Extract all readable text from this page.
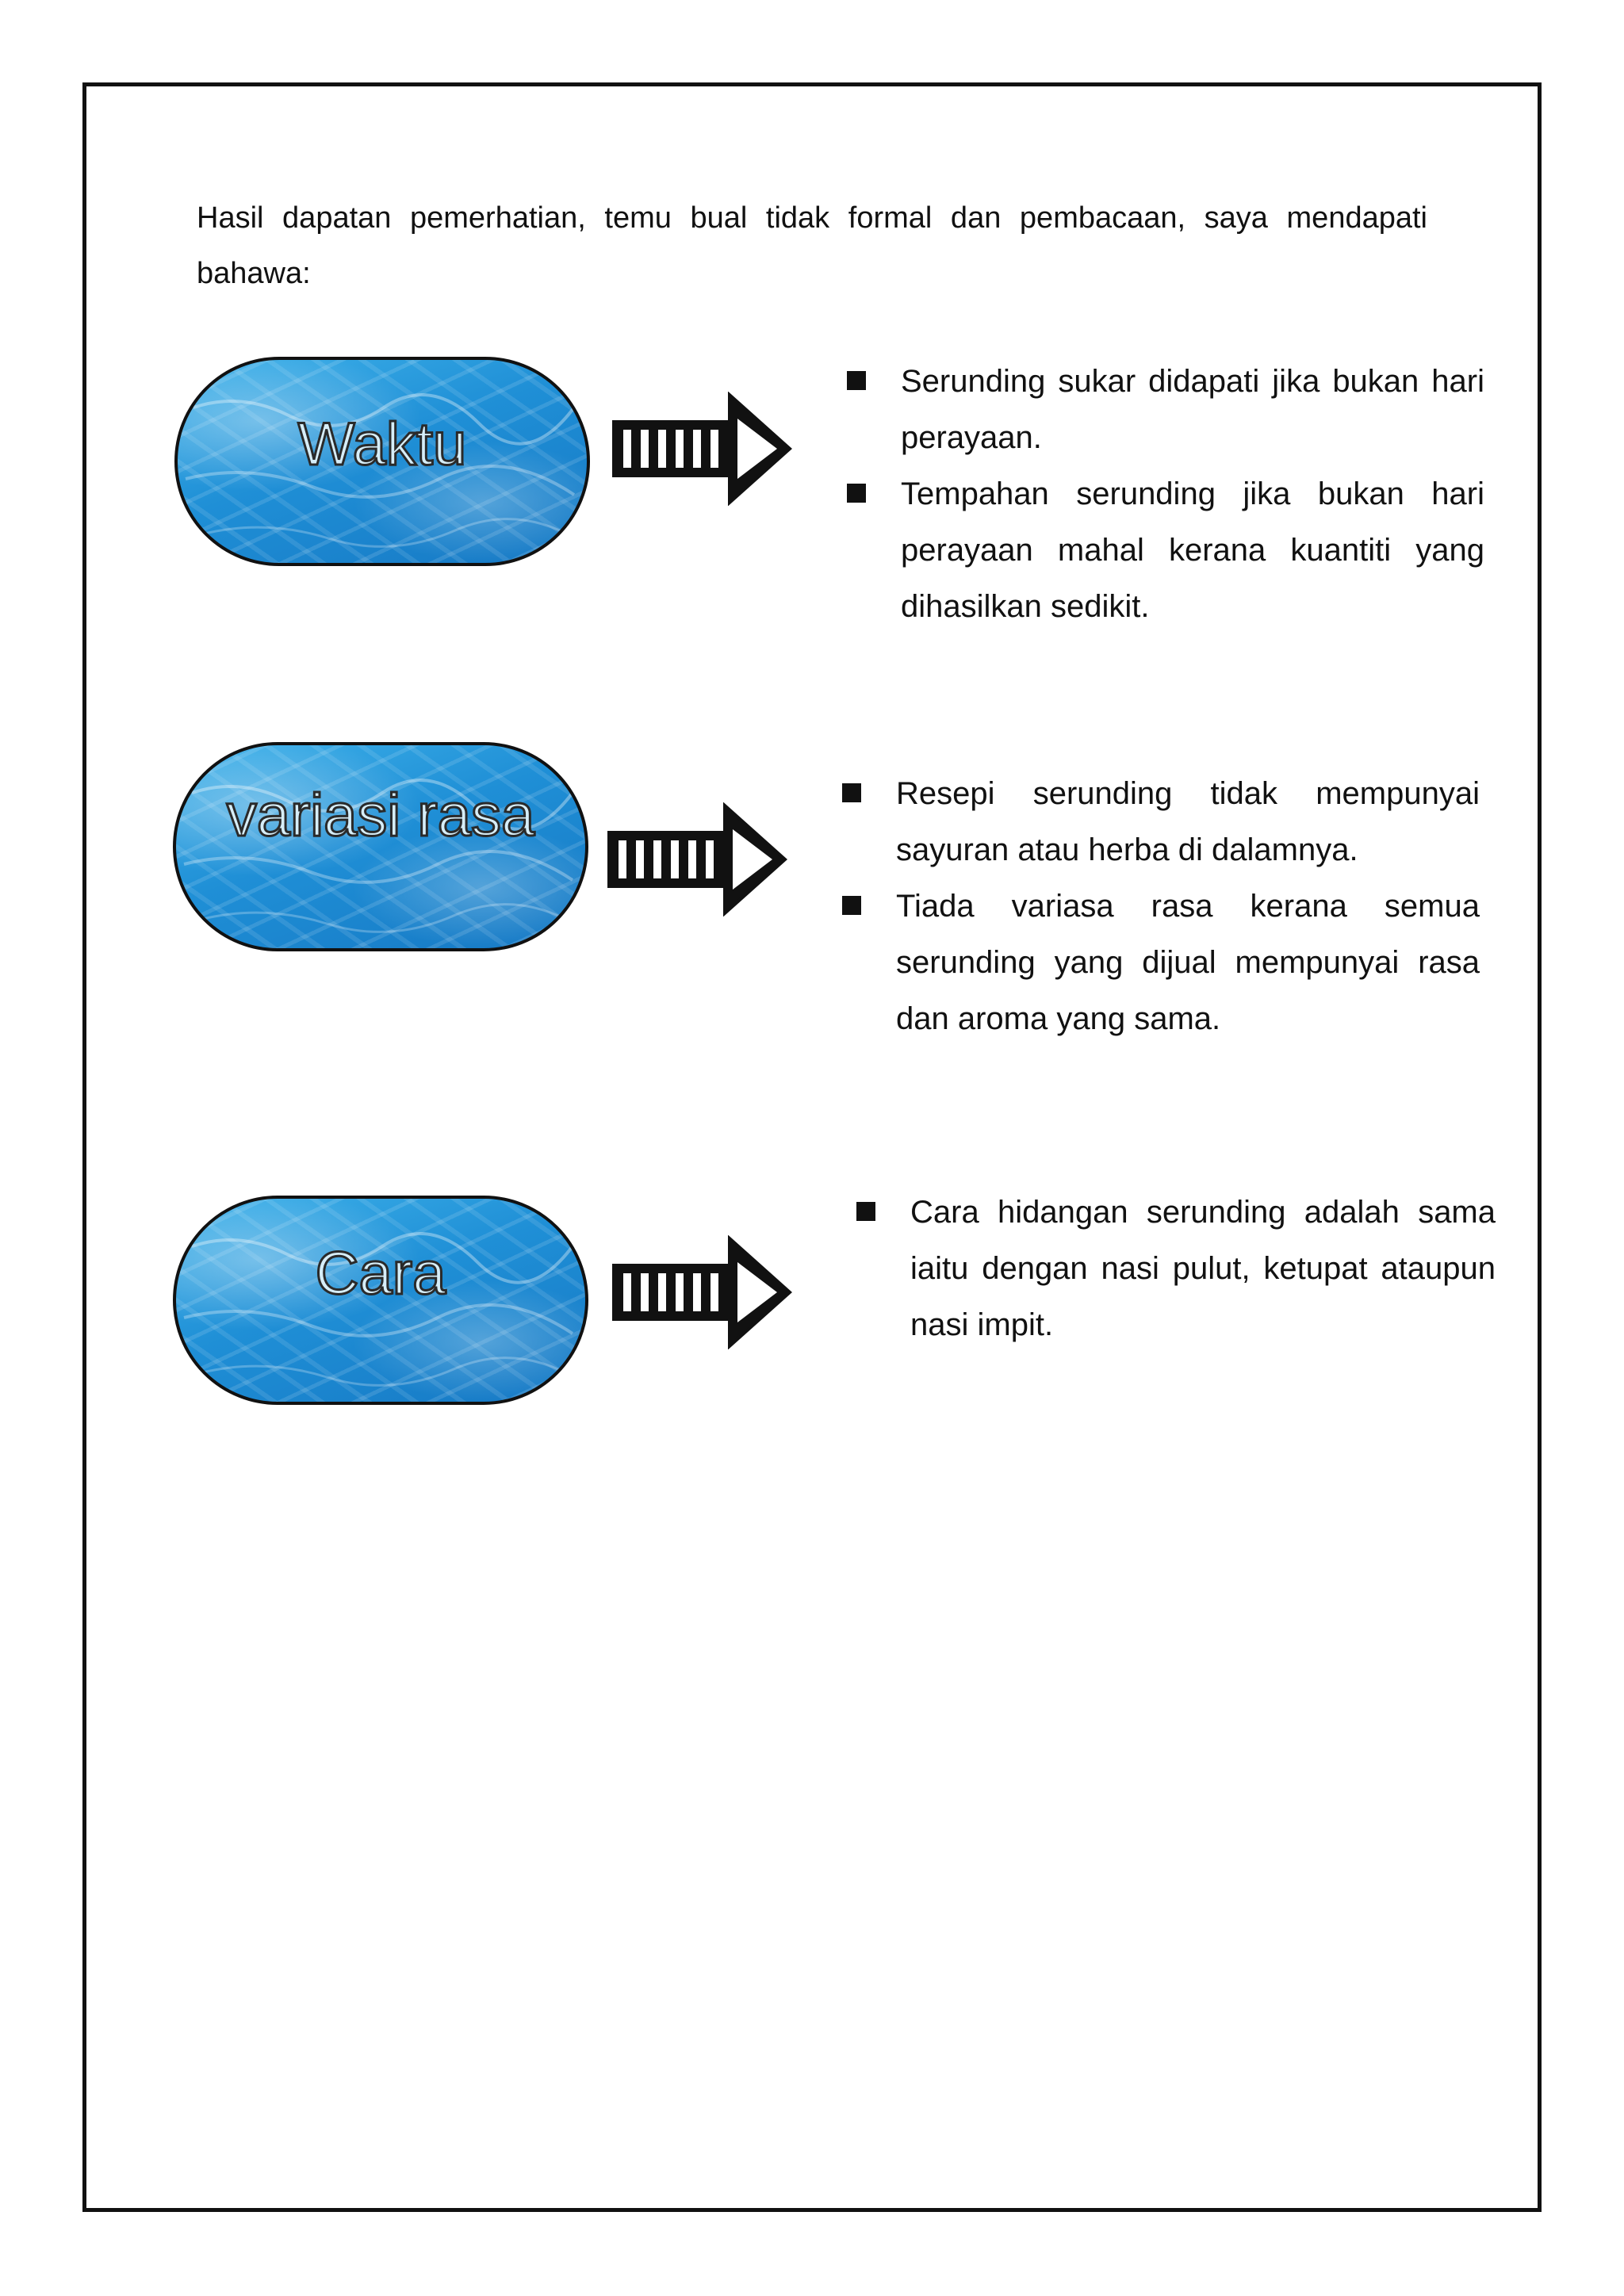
Hasil dapatan pemerhatian, temu bual tidak formal dan pembacaan, saya mendapati bahawa:

Waktu
Serunding sukar didapati jika bukan hari perayaan.
Tempahan serunding jika bukan hari perayaan mahal kerana kuantiti yang dihasilkan sedikit.
variasi rasa	Resepi serunding tidak mempunyai sayuran atau herba di dalamnya.
Tiada variasa rasa kerana semua serunding yang dijual mempunyai rasa dan aroma yang sama.
Cara
Cara hidangan serunding adalah sama iaitu dengan nasi pulut, ketupat ataupun nasi impit.
